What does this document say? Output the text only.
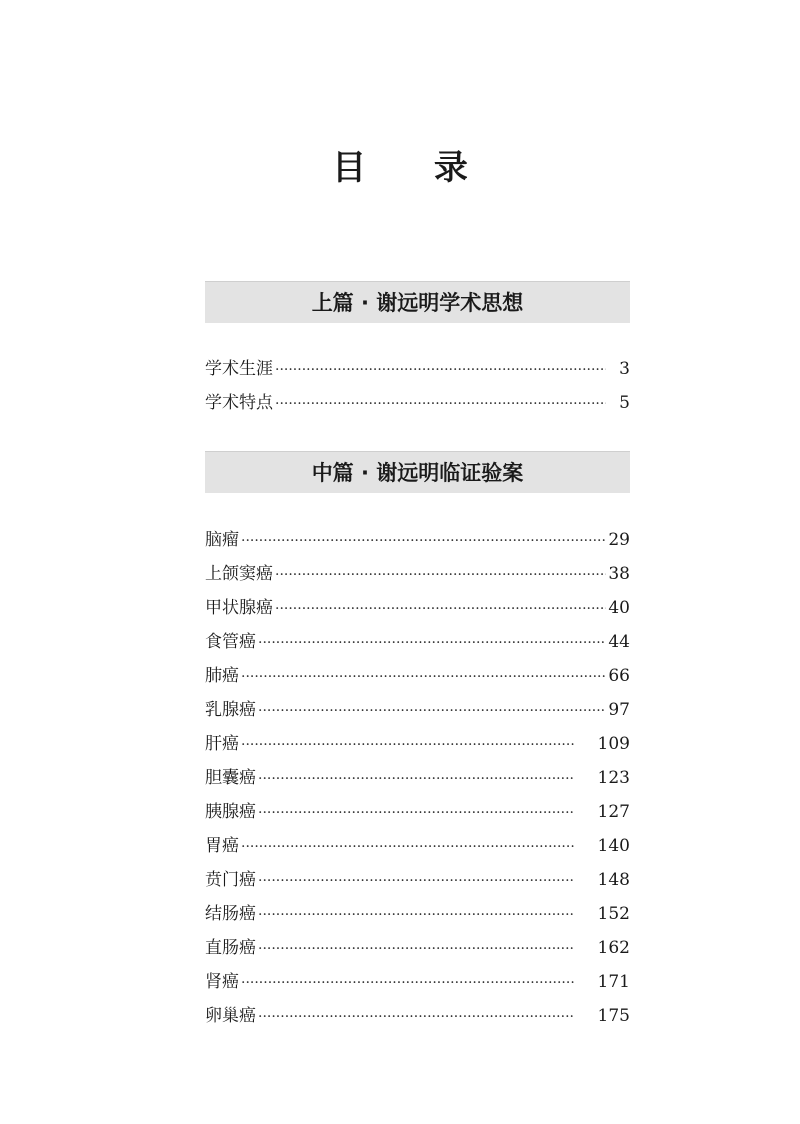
目 录
上篇 · 谢远明学术思想
学术生涯 ·····	3
学术特点 ·····	5
中篇 · 谢远明临证验案
脑瘤 ·····	29
上颌窦癌 ·····	38
甲状腺癌 ·····	40
食管癌 ·····	44
肺癌 ·····	66
乳腺癌 ·····	97
肝癌 ·····	109
胆囊癌 ·····	123
胰腺癌 ·····	127
胃癌 ·····	140
贲门癌 ·····	148
结肠癌 ·····	152
直肠癌 ·····	162
肾癌 ·····	171
卵巢癌 ·····	175
